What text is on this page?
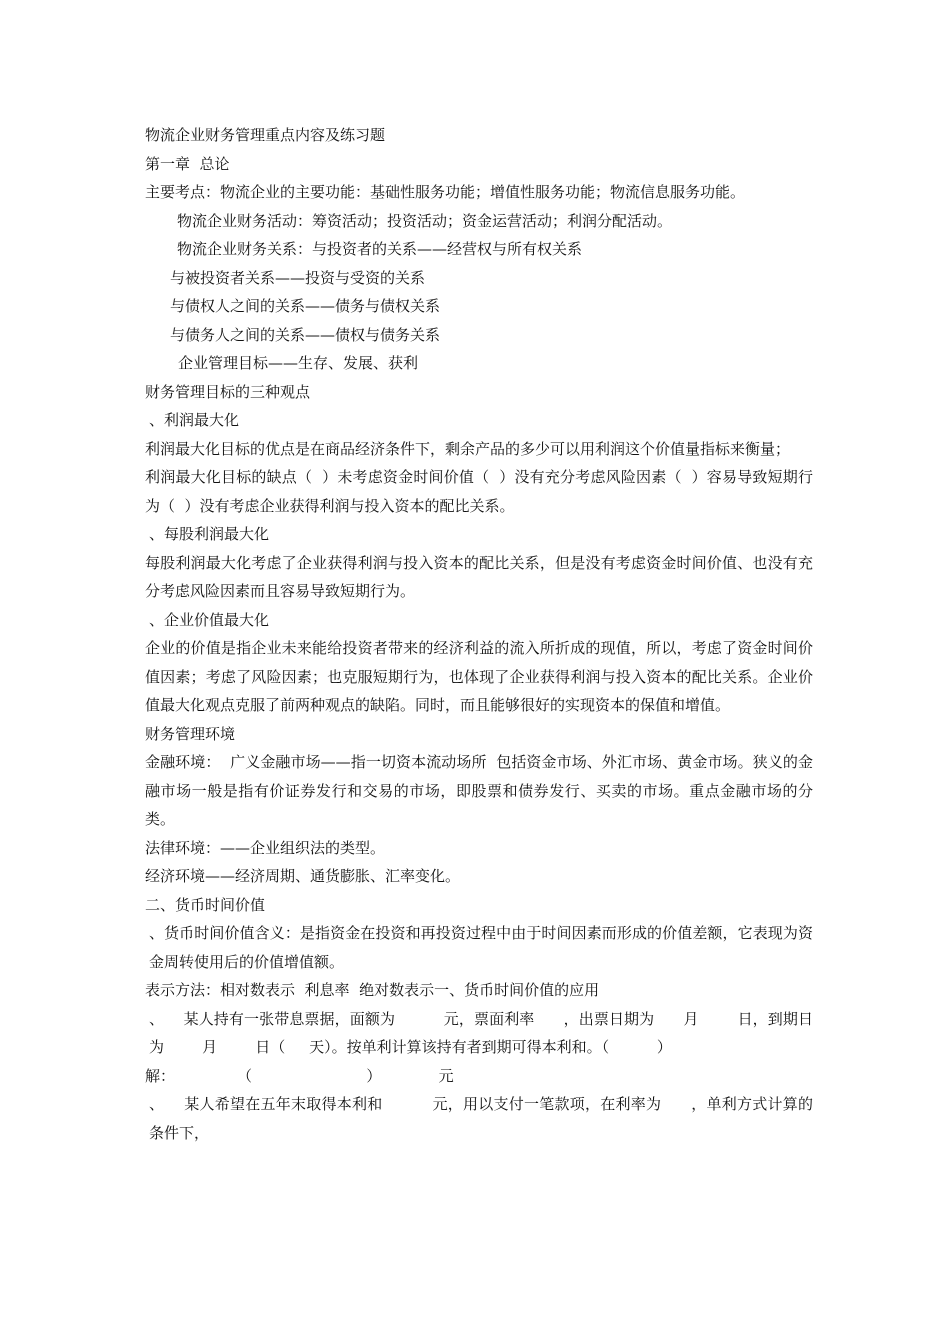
物流企业财务管理重点内容及练习题

第一章  总论

主要考点：物流企业的主要功能：基础性服务功能；增值性服务功能；物流信息服务功能。

物流企业财务活动：筹资活动；投资活动；资金运营活动；利润分配活动。

物流企业财务关系：与投资者的关系——经营权与所有权关系

与被投资者关系——投资与受资的关系

与债权人之间的关系——债务与债权关系

与债务人之间的关系——债权与债务关系

企业管理目标——生存、发展、获利

财务管理目标的三种观点

、利润最大化

利润最大化目标的优点是在商品经济条件下，剩余产品的多少可以用利润这个价值量指标来衡量；

利润最大化目标的缺点（  ）未考虑资金时间价值（  ）没有充分考虑风险因素（  ）容易导致短期行为（  ）没有考虑企业获得利润与投入资本的配比关系。

、每股利润最大化

每股利润最大化考虑了企业获得利润与投入资本的配比关系，但是没有考虑资金时间价值、也没有充分考虑风险因素而且容易导致短期行为。

、企业价值最大化

企业的价值是指企业未来能给投资者带来的经济利益的流入所折成的现值，所以，考虑了资金时间价值因素；考虑了风险因素；也克服短期行为，也体现了企业获得利润与投入资本的配比关系。企业价值最大化观点克服了前两种观点的缺陷。同时，而且能够很好的实现资本的保值和增值。

财务管理环境

金融环境：  广义金融市场——指一切资本流动场所  包括资金市场、外汇市场、黄金市场。狭义的金融市场一般是指有价证券发行和交易的市场，即股票和债券发行、买卖的市场。重点金融市场的分类。

法律环境：——企业组织法的类型。

经济环境——经济周期、通货膨胀、汇率变化。

二、货币时间价值

、货币时间价值含义：是指资金在投资和再投资过程中由于时间因素而形成的价值差额，它表现为资金周转使用后的价值增值额。

表示方法：相对数表示  利息率  绝对数表示一、货币时间价值的应用

、    某人持有一张带息票据，面额为          元，票面利率      ，出票日期为      月        日，到期日为        月        日（     天）。按单利计算该持有者到期可得本利和。（          ）

解：             （                        ）            元

、    某人希望在五年末取得本利和          元，用以支付一笔款项，在利率为      ，单利方式计算的条件下，
